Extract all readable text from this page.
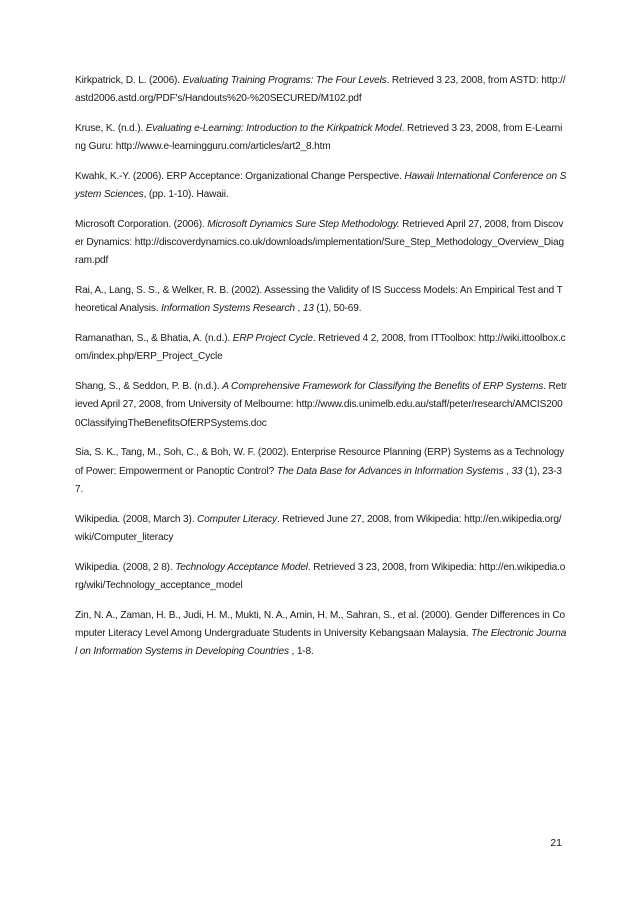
Kirkpatrick, D. L. (2006). Evaluating Training Programs: The Four Levels. Retrieved 3 23, 2008, from ASTD: http://astd2006.astd.org/PDF's/Handouts%20-%20SECURED/M102.pdf

Kruse, K. (n.d.). Evaluating e-Learning: Introduction to the Kirkpatrick Model. Retrieved 3 23, 2008, from E-Learning Guru: http://www.e-learningguru.com/articles/art2_8.htm

Kwahk, K.-Y. (2006). ERP Acceptance: Organizational Change Perspective. Hawaii International Conference on System Sciences, (pp. 1-10). Hawaii.

Microsoft Corporation. (2006). Microsoft Dynamics Sure Step Methodology. Retrieved April 27, 2008, from Discover Dynamics: http://discoverdynamics.co.uk/downloads/implementation/Sure_Step_Methodology_Overview_Diagram.pdf

Rai, A., Lang, S. S., & Welker, R. B. (2002). Assessing the Validity of IS Success Models: An Empirical Test and Theoretical Analysis. Information Systems Research , 13 (1), 50-69.

Ramanathan, S., & Bhatia, A. (n.d.). ERP Project Cycle. Retrieved 4 2, 2008, from ITToolbox: http://wiki.ittoolbox.com/index.php/ERP_Project_Cycle

Shang, S., & Seddon, P. B. (n.d.). A Comprehensive Framework for Classifying the Benefits of ERP Systems. Retrieved April 27, 2008, from University of Melbourne: http://www.dis.unimelb.edu.au/staff/peter/research/AMCIS2000ClassifyingTheBenefitsOfERPSystems.doc

Sia, S. K., Tang, M., Soh, C., & Boh, W. F. (2002). Enterprise Resource Planning (ERP) Systems as a Technology of Power: Empowerment or Panoptic Control? The Data Base for Advances in Information Systems , 33 (1), 23-37.

Wikipedia. (2008, March 3). Computer Literacy. Retrieved June 27, 2008, from Wikipedia: http://en.wikipedia.org/wiki/Computer_literacy

Wikipedia. (2008, 2 8). Technology Acceptance Model. Retrieved 3 23, 2008, from Wikipedia: http://en.wikipedia.org/wiki/Technology_acceptance_model

Zin, N. A., Zaman, H. B., Judi, H. M., Mukti, N. A., Amin, H. M., Sahran, S., et al. (2000). Gender Differences in Computer Literacy Level Among Undergraduate Students in University Kebangsaan Malaysia. The Electronic Journal on Information Systems in Developing Countries , 1-8.

21
